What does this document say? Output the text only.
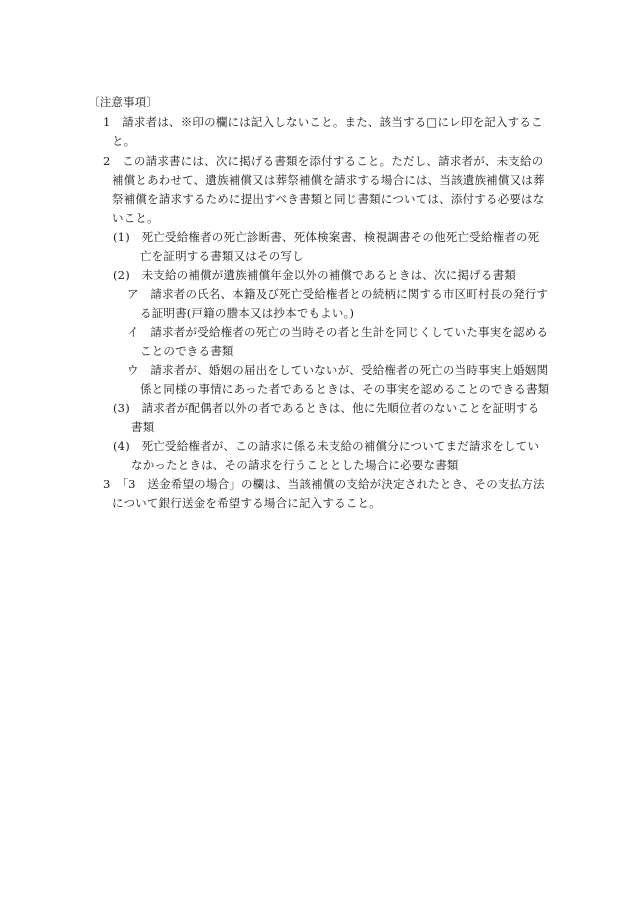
〔注意事項〕
1　請求者は、※印の欄には記入しないこと。また、該当する□にレ印を記入するこ
と。
2　この請求書には、次に掲げる書類を添付すること。ただし、請求者が、未支給の
補償とあわせて、遺族補償又は葬祭補償を請求する場合には、当該遺族補償又は葬
祭補償を請求するために提出すべき書類と同じ書類については、添付する必要はな
いこと。
(1)　死亡受給権者の死亡診断書、死体検案書、検視調書その他死亡受給権者の死
亡を証明する書類又はその写し
(2)　未支給の補償が遺族補償年金以外の補償であるときは、次に掲げる書類
ア　請求者の氏名、本籍及び死亡受給権者との続柄に関する市区町村長の発行す
る証明書(戸籍の謄本又は抄本でもよい。)
イ　請求者が受給権者の死亡の当時その者と生計を同じくしていた事実を認める
ことのできる書類
ウ　請求者が、婚姻の届出をしていないが、受給権者の死亡の当時事実上婚姻関
係と同様の事情にあった者であるときは、その事実を認めることのできる書類
(3)　請求者が配偶者以外の者であるときは、他に先順位者のないことを証明する
書類
(4)　死亡受給権者が、この請求に係る未支給の補償分についてまだ請求をしてい
なかったときは、その請求を行うこととした場合に必要な書類
3　「3　送金希望の場合」の欄は、当該補償の支給が決定されたとき、その支払方法
について銀行送金を希望する場合に記入すること。
